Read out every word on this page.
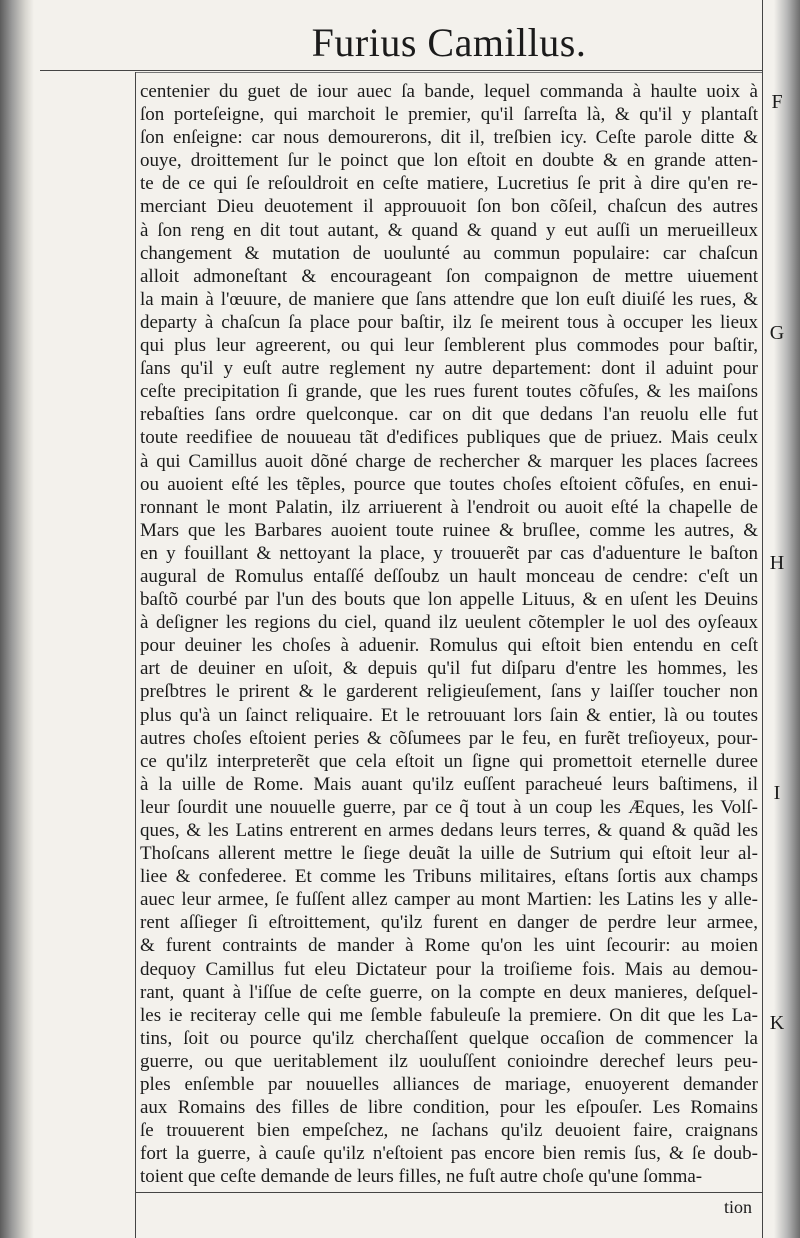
Furius Camillus.
centenier du guet de iour auec ſa bande, lequel commanda à haulte uoix à
ſon porteſeigne, qui marchoit le premier, qu'il ſarreſta là, & qu'il y plantaſt
ſon enſeigne: car nous demourerons, dit il, treſbien icy. Ceſte parole ditte &
ouye, droittement ſur le poinct que lon eſtoit en doubte & en grande atten-
te de ce qui ſe reſouldroit en ceſte matiere, Lucretius ſe prit à dire qu'en re-
merciant Dieu deuotement il approuuoit ſon bon cõſeil, chaſcun des autres
à ſon reng en dit tout autant, & quand & quand y eut auſſi un merueilleux
changement & mutation de uoulunté au commun populaire: car chaſcun
alloit admoneſtant & encourageant ſon compaignon de mettre uiuement
la main à l'œuure, de maniere que ſans attendre que lon euſt diuiſé les rues, &
departy à chaſcun ſa place pour baſtir, ilz ſe meirent tous à occuper les lieux
qui plus leur agreerent, ou qui leur ſemblerent plus commodes pour baſtir,
ſans qu'il y euſt autre reglement ny autre departement: dont il aduint pour
ceſte precipitation ſi grande, que les rues furent toutes cõfuſes, & les maiſons
rebaſties ſans ordre quelconque. car on dit que dedans l'an reuolu elle fut
toute reedifiee de nouueau tãt d'edifices publiques que de priuez. Mais ceulx
à qui Camillus auoit dõné charge de rechercher & marquer les places ſacrees
ou auoient eſté les tẽples, pource que toutes choſes eſtoient cõfuſes, en enui-
ronnant le mont Palatin, ilz arriuerent à l'endroit ou auoit eſté la chapelle de
Mars que les Barbares auoient toute ruinee & bruſlee, comme les autres, &
en y fouillant & nettoyant la place, y trouuerẽt par cas d'aduenture le baſton
augural de Romulus entaſſé deſſoubz un hault monceau de cendre: c'eſt un
baſtõ courbé par l'un des bouts que lon appelle Lituus, & en uſent les Deuins
à deſigner les regions du ciel, quand ilz ueulent cõtempler le uol des oyſeaux
pour deuiner les choſes à aduenir. Romulus qui eſtoit bien entendu en ceſt
art de deuiner en uſoit, & depuis qu'il fut diſparu d'entre les hommes, les
preſbtres le prirent & le garderent religieuſement, ſans y laiſſer toucher non
plus qu'à un ſainct reliquaire. Et le retrouuant lors ſain & entier, là ou toutes
autres choſes eſtoient peries & cõſumees par le feu, en furẽt treſioyeux, pour-
ce qu'ilz interpreterẽt que cela eſtoit un ſigne qui promettoit eternelle duree
à la uille de Rome. Mais auant qu'ilz euſſent paracheué leurs baſtimens, il
leur ſourdit une nouuelle guerre, par ce q̃ tout à un coup les Æques, les Volſ-
ques, & les Latins entrerent en armes dedans leurs terres, & quand & quãd les
Thoſcans allerent mettre le ſiege deuãt la uille de Sutrium qui eſtoit leur al-
liee & confederee. Et comme les Tribuns militaires, eſtans ſortis aux champs
auec leur armee, ſe fuſſent allez camper au mont Martien: les Latins les y alle-
rent aſſieger ſi eſtroittement, qu'ilz furent en danger de perdre leur armee,
& furent contraints de mander à Rome qu'on les uint ſecourir: au moien
dequoy Camillus fut eleu Dictateur pour la troiſieme fois. Mais au demou-
rant, quant à l'iſſue de ceſte guerre, on la compte en deux manieres, deſquel-
les ie reciteray celle qui me ſemble fabuleuſe la premiere. On dit que les La-
tins, ſoit ou pource qu'ilz cherchaſſent quelque occaſion de commencer la
guerre, ou que ueritablement ilz uouluſſent conioindre derechef leurs peu-
ples enſemble par nouuelles alliances de mariage, enuoyerent demander
aux Romains des filles de libre condition, pour les eſpouſer. Les Romains
ſe trouuerent bien empeſchez, ne ſachans qu'ilz deuoient faire, craignans
fort la guerre, à cauſe qu'ilz n'eſtoient pas encore bien remis ſus, & ſe doub-
toient que ceſte demande de leurs filles, ne fuſt autre choſe qu'une ſomma-
F
G
H
I
K
tion
